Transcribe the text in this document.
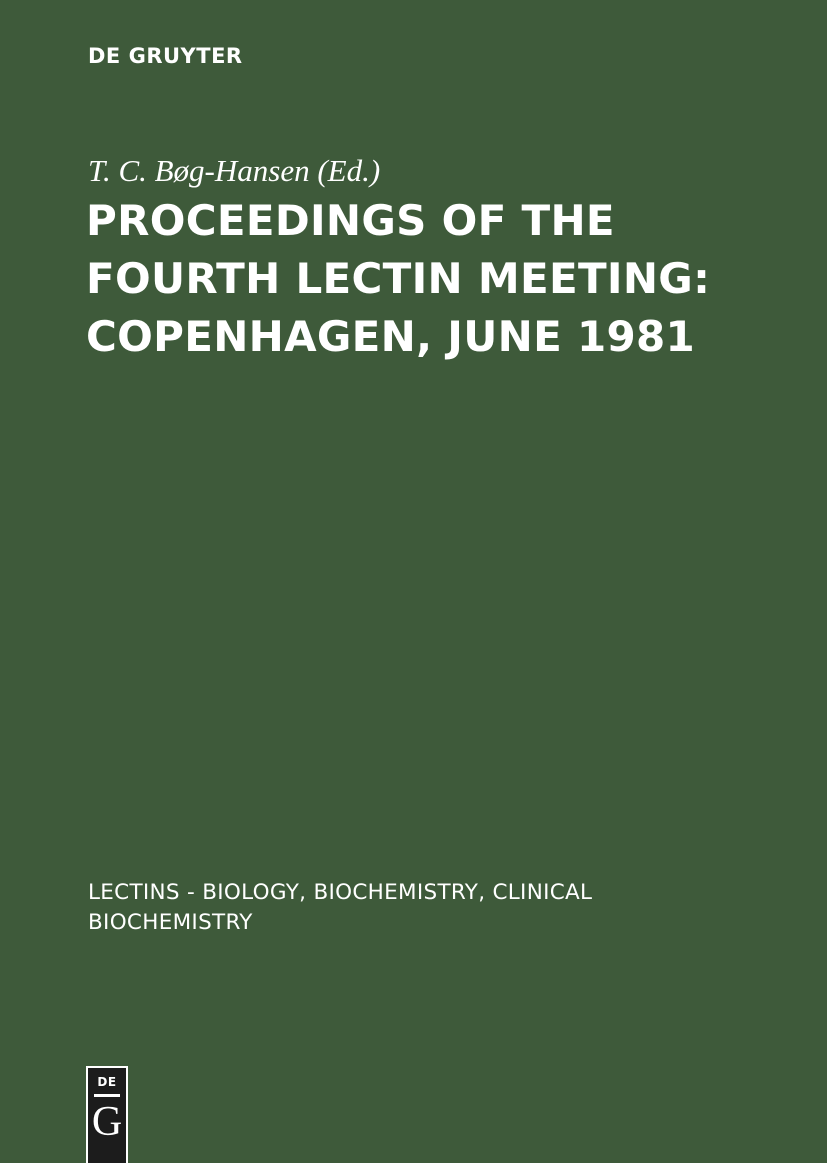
DE GRUYTER
T. C. Bøg-Hansen (Ed.)
PROCEEDINGS OF THE
FOURTH LECTIN MEETING:
COPENHAGEN, JUNE 1981
LECTINS - BIOLOGY, BIOCHEMISTRY, CLINICAL
BIOCHEMISTRY
DE
G
